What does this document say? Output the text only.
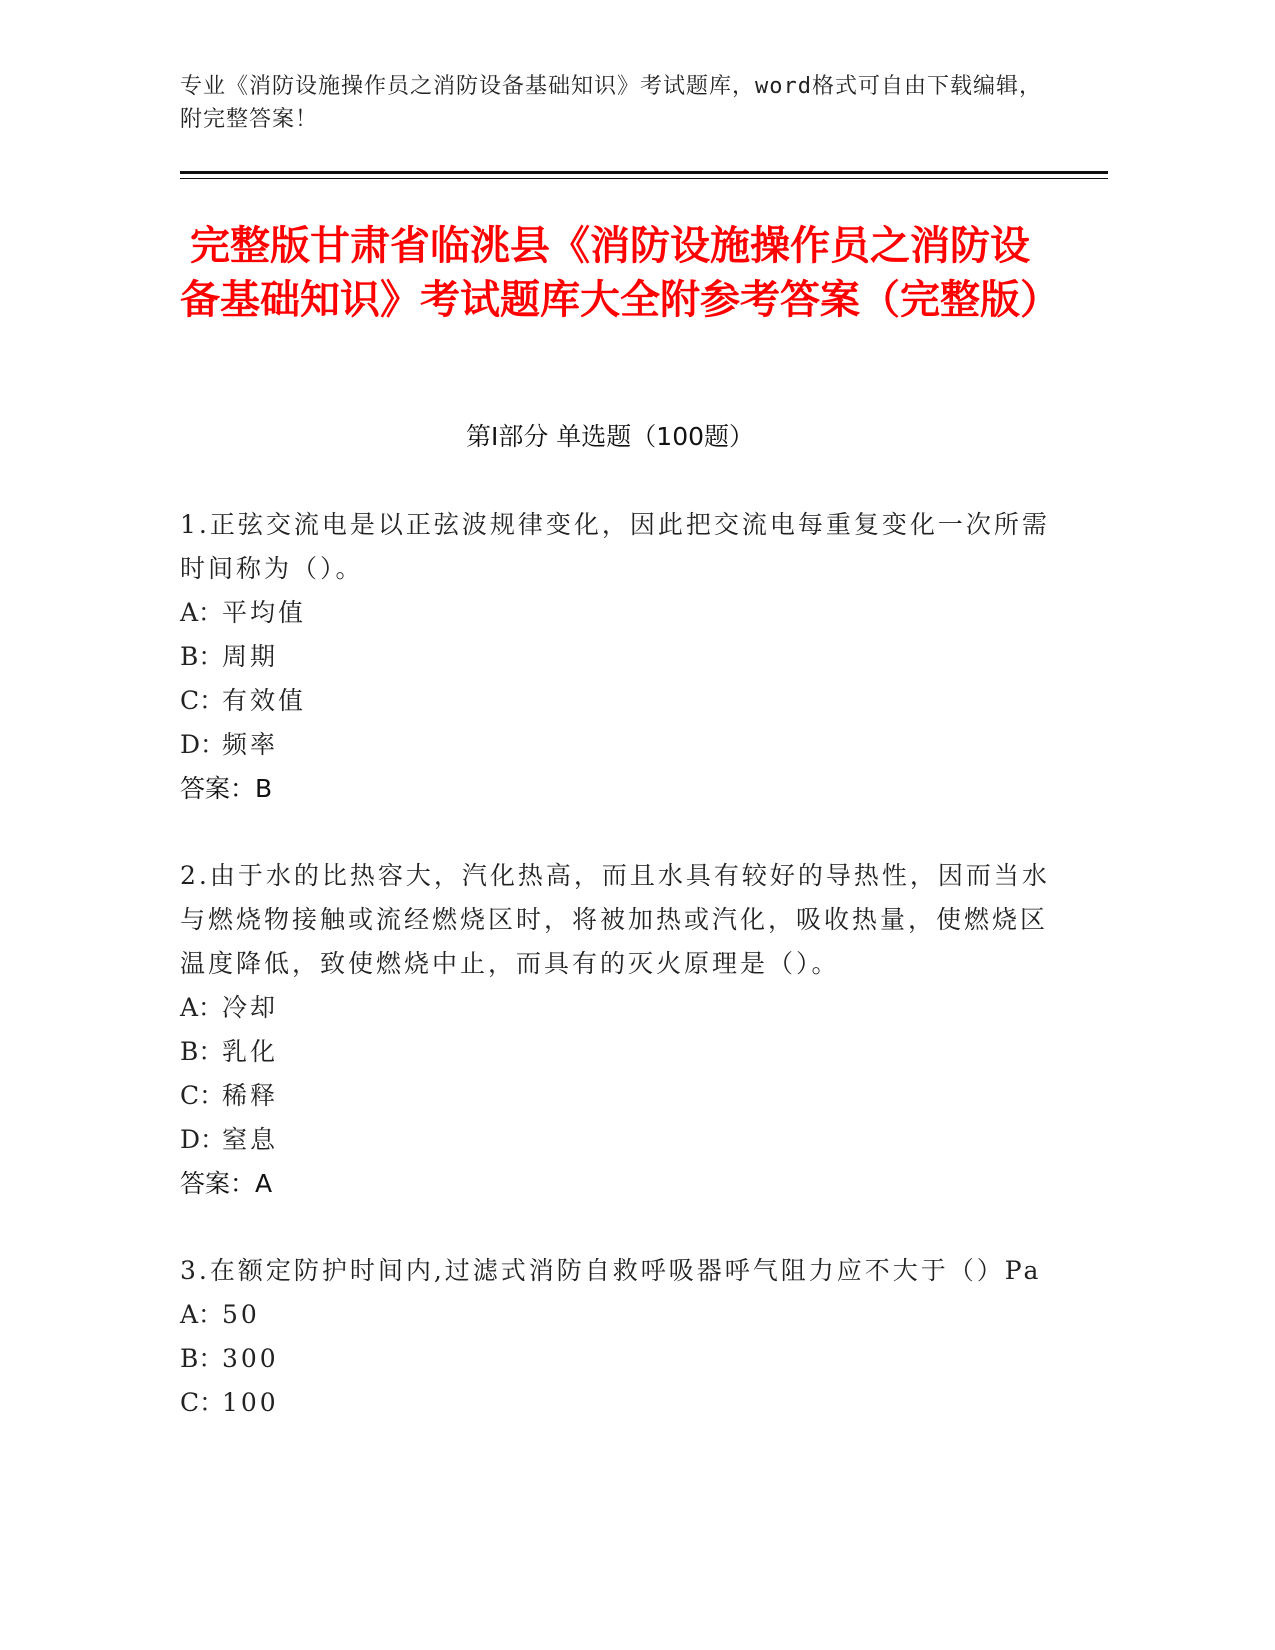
专业《消防设施操作员之消防设备基础知识》考试题库，word格式可自由下载编辑，附完整答案！
完整版甘肃省临洮县《消防设施操作员之消防设备基础知识》考试题库大全附参考答案（完整版）
第Ⅰ部分 单选题（100题）

1.正弦交流电是以正弦波规律变化，因此把交流电每重复变化一次所需时间称为（）。

A：平均值
B：周期
C：有效值
D：频率
答案：B

2.由于水的比热容大，汽化热高，而且水具有较好的导热性，因而当水与燃烧物接触或流经燃烧区时，将被加热或汽化，吸收热量，使燃烧区温度降低，致使燃烧中止，而具有的灭火原理是（）。

A：冷却
B：乳化
C：稀释
D：窒息
答案：A

3.在额定防护时间内,过滤式消防自救呼吸器呼气阻力应不大于（）Pa

A：50
B：300
C：100
